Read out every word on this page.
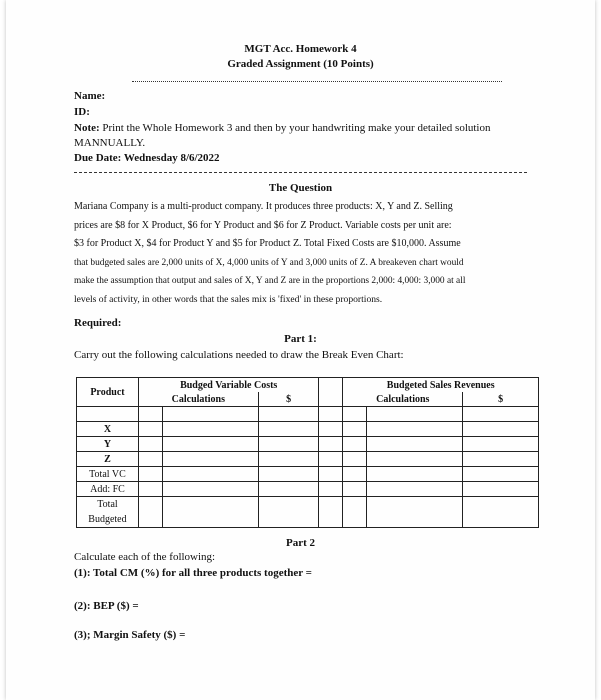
MGT Acc. Homework 4
Graded Assignment (10 Points)
Name:
ID:
Note: Print the Whole Homework 3 and then by your handwriting make your detailed solution
MANNUALLY.
Due Date: Wednesday 8/6/2022
The Question
Mariana Company is a multi-product company. It produces three products: X, Y and Z. Selling
prices are $8 for X Product, $6 for Y Product and $6 for Z Product. Variable costs per unit are:
$3 for Product X, $4 for Product Y and $5 for Product Z. Total Fixed Costs are $10,000. Assume
that budgeted sales are 2,000 units of X, 4,000 units of Y and 3,000 units of Z. A breakeven chart would
make the assumption that output and sales of X, Y and Z are in the proportions 2,000: 4,000: 3,000 at all
levels of activity, in other words that the sales mix is 'fixed' in these proportions.
Required:
Part 1:
Carry out the following calculations needed to draw the Break Even Chart:
Product	Budged Variable Costs				Budgeted Sales Revenues		
	Calculations		$		Calculations		$

X							
Y							
Z							
Total VC							
Add: FC							

Total
Budgeted							

Part 2
Calculate each of the following:
(1): Total CM (%) for all three products together =
(2): BEP ($) =
(3); Margin Safety ($) =
